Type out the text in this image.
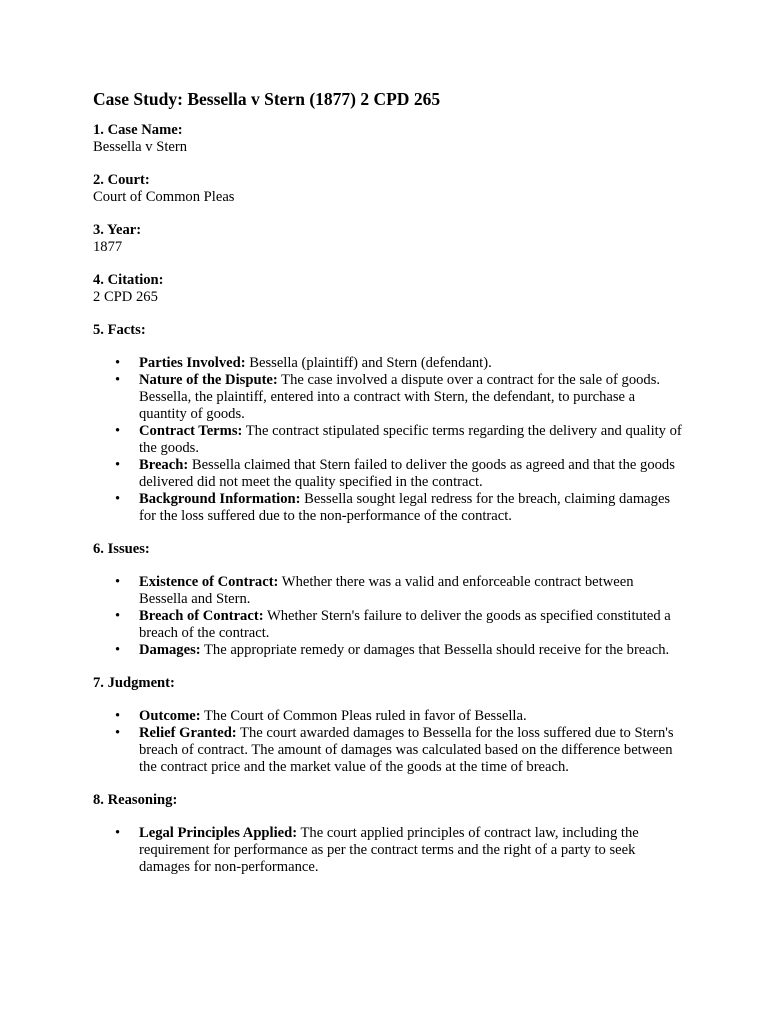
Case Study: Bessella v Stern (1877) 2 CPD 265
1. Case Name:
Bessella v Stern
2. Court:
Court of Common Pleas
3. Year:
1877
4. Citation:
2 CPD 265
5. Facts:
• Parties Involved: Bessella (plaintiff) and Stern (defendant).
• Nature of the Dispute: The case involved a dispute over a contract for the sale of goods. Bessella, the plaintiff, entered into a contract with Stern, the defendant, to purchase a quantity of goods.
• Contract Terms: The contract stipulated specific terms regarding the delivery and quality of the goods.
• Breach: Bessella claimed that Stern failed to deliver the goods as agreed and that the goods delivered did not meet the quality specified in the contract.
• Background Information: Bessella sought legal redress for the breach, claiming damages for the loss suffered due to the non-performance of the contract.
6. Issues:
• Existence of Contract: Whether there was a valid and enforceable contract between Bessella and Stern.
• Breach of Contract: Whether Stern's failure to deliver the goods as specified constituted a breach of the contract.
• Damages: The appropriate remedy or damages that Bessella should receive for the breach.
7. Judgment:
• Outcome: The Court of Common Pleas ruled in favor of Bessella.
• Relief Granted: The court awarded damages to Bessella for the loss suffered due to Stern's breach of contract. The amount of damages was calculated based on the difference between the contract price and the market value of the goods at the time of breach.
8. Reasoning:
• Legal Principles Applied: The court applied principles of contract law, including the requirement for performance as per the contract terms and the right of a party to seek damages for non-performance.
